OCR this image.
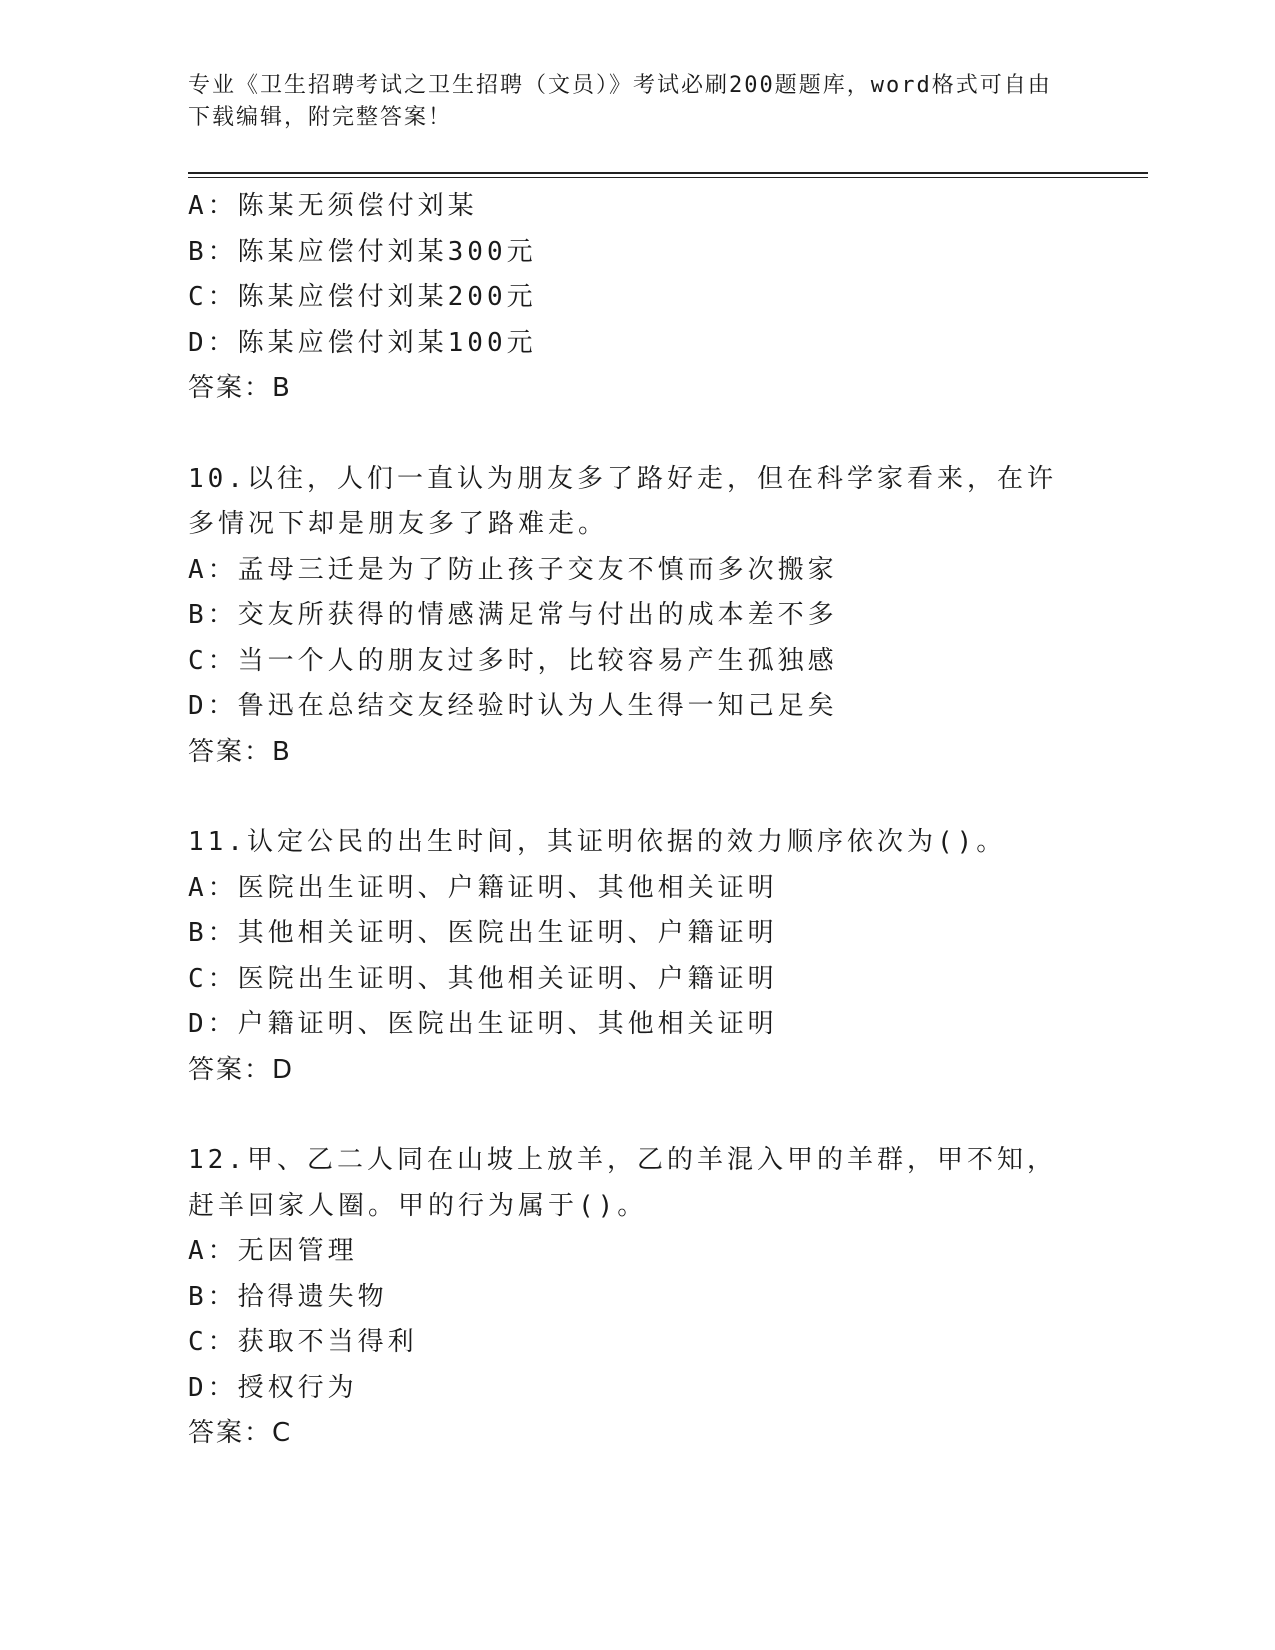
专业《卫生招聘考试之卫生招聘（文员）》考试必刷200题题库，word格式可自由下载编辑，附完整答案！

A：陈某无须偿付刘某
B：陈某应偿付刘某300元
C：陈某应偿付刘某200元
D：陈某应偿付刘某100元
答案：B
10.以往，人们一直认为朋友多了路好走，但在科学家看来，在许多情况下却是朋友多了路难走。
A：孟母三迁是为了防止孩子交友不慎而多次搬家
B：交友所获得的情感满足常与付出的成本差不多
C：当一个人的朋友过多时，比较容易产生孤独感
D：鲁迅在总结交友经验时认为人生得一知己足矣
答案：B
11.认定公民的出生时间，其证明依据的效力顺序依次为()。
A：医院出生证明、户籍证明、其他相关证明
B：其他相关证明、医院出生证明、户籍证明
C：医院出生证明、其他相关证明、户籍证明
D：户籍证明、医院出生证明、其他相关证明
答案：D
12.甲、乙二人同在山坡上放羊，乙的羊混入甲的羊群，甲不知，赶羊回家人圈。甲的行为属于()。
A：无因管理
B：拾得遗失物
C：获取不当得利
D：授权行为
答案：C
